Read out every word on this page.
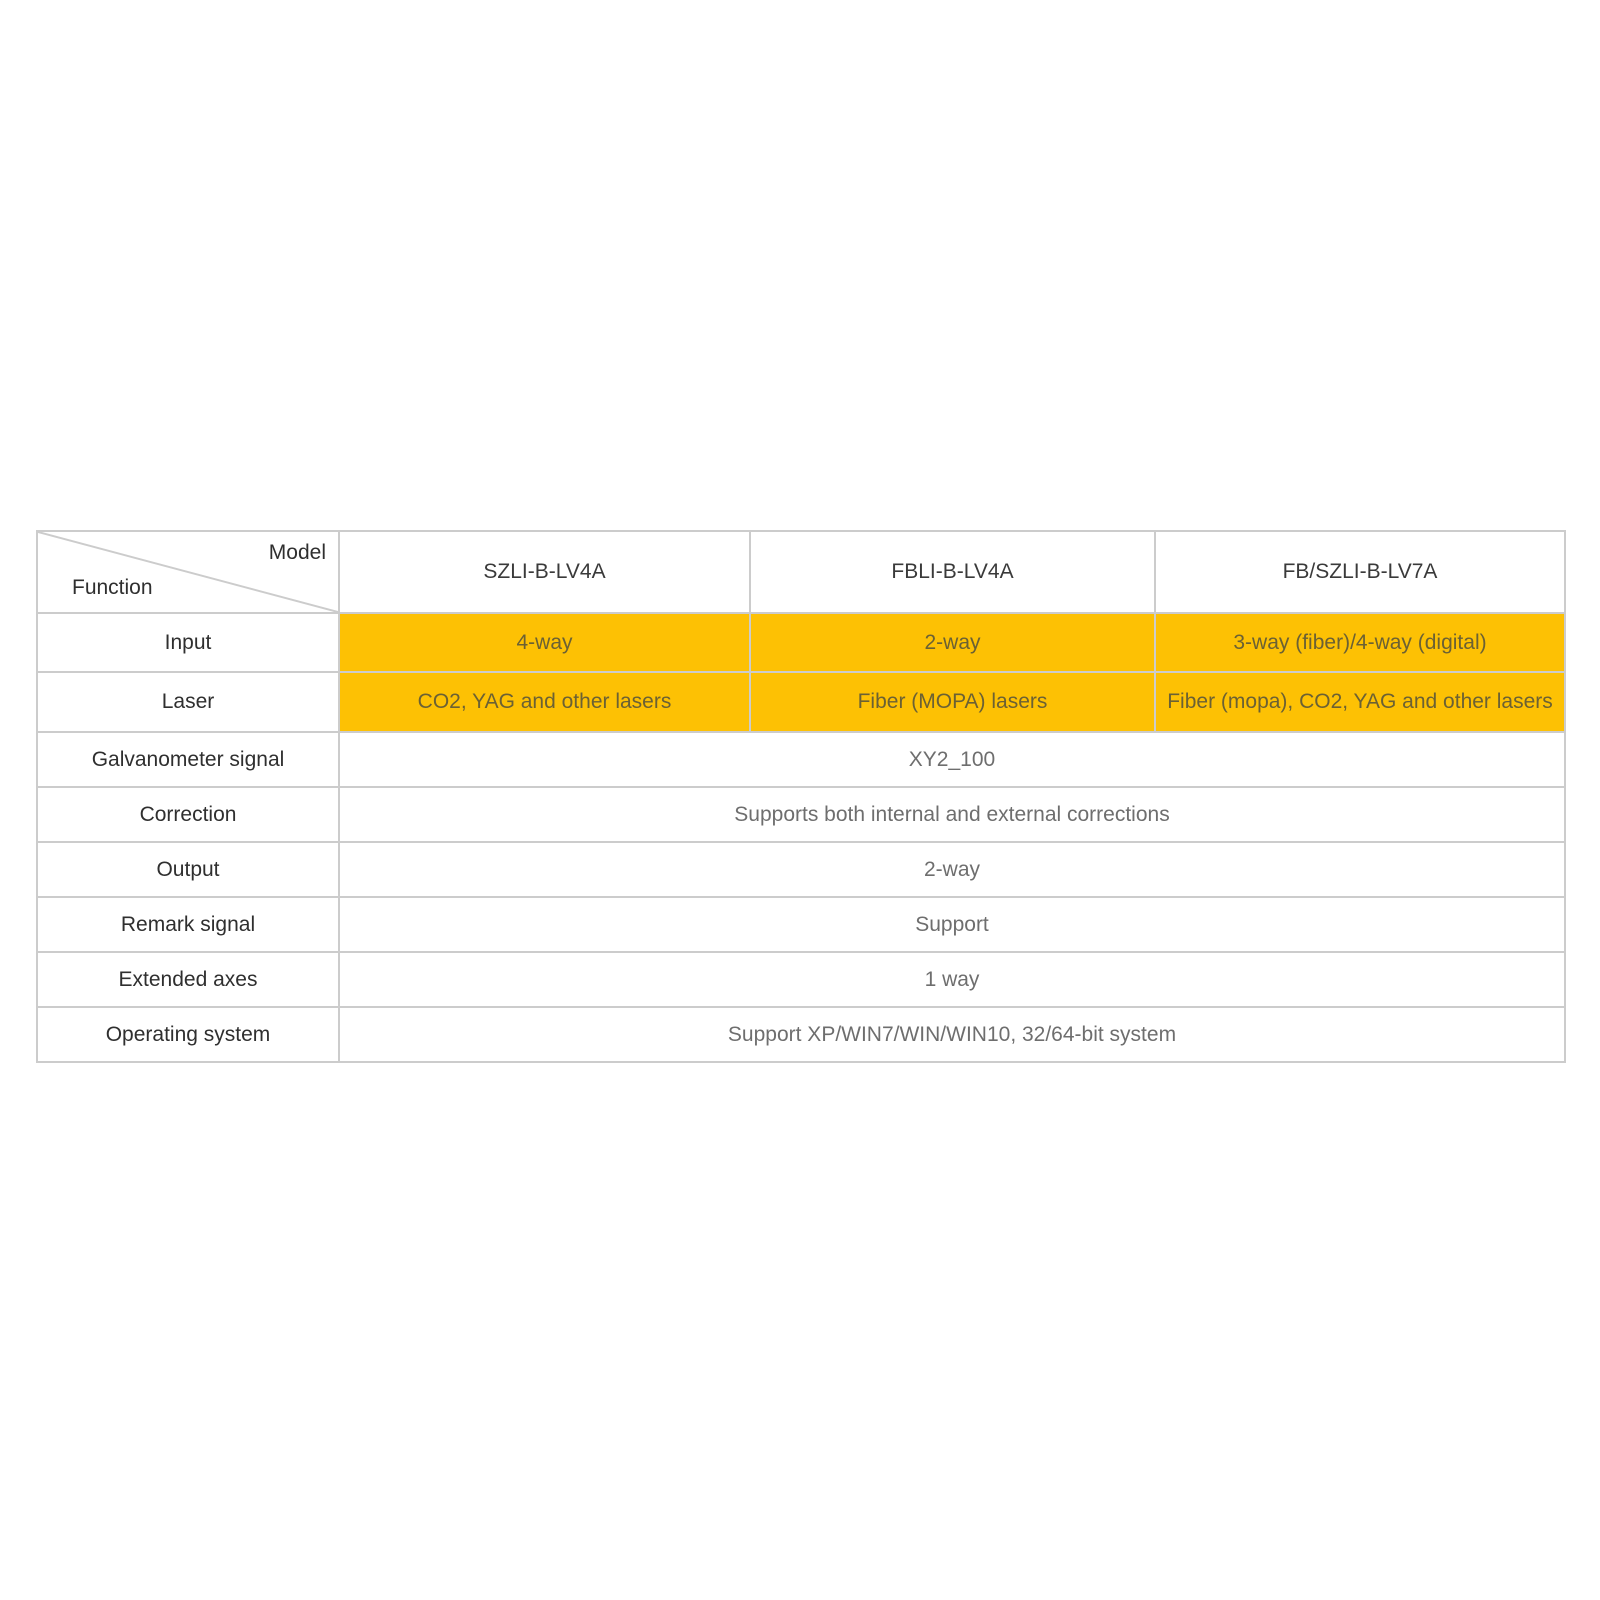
Model
Function	SZLI-B-LV4A	FBLI-B-LV4A	FB/SZLI-B-LV7A
Input	4-way	2-way	3-way (fiber)/4-way (digital)
Laser	CO2, YAG and other lasers	Fiber (MOPA) lasers	Fiber (mopa), CO2, YAG and other lasers
Galvanometer signal	XY2_100		
Correction	Supports both internal and external corrections		
Output	2-way		
Remark signal	Support		
Extended axes	1 way		
Operating system	Support XP/WIN7/WIN/WIN10, 32/64-bit system		
